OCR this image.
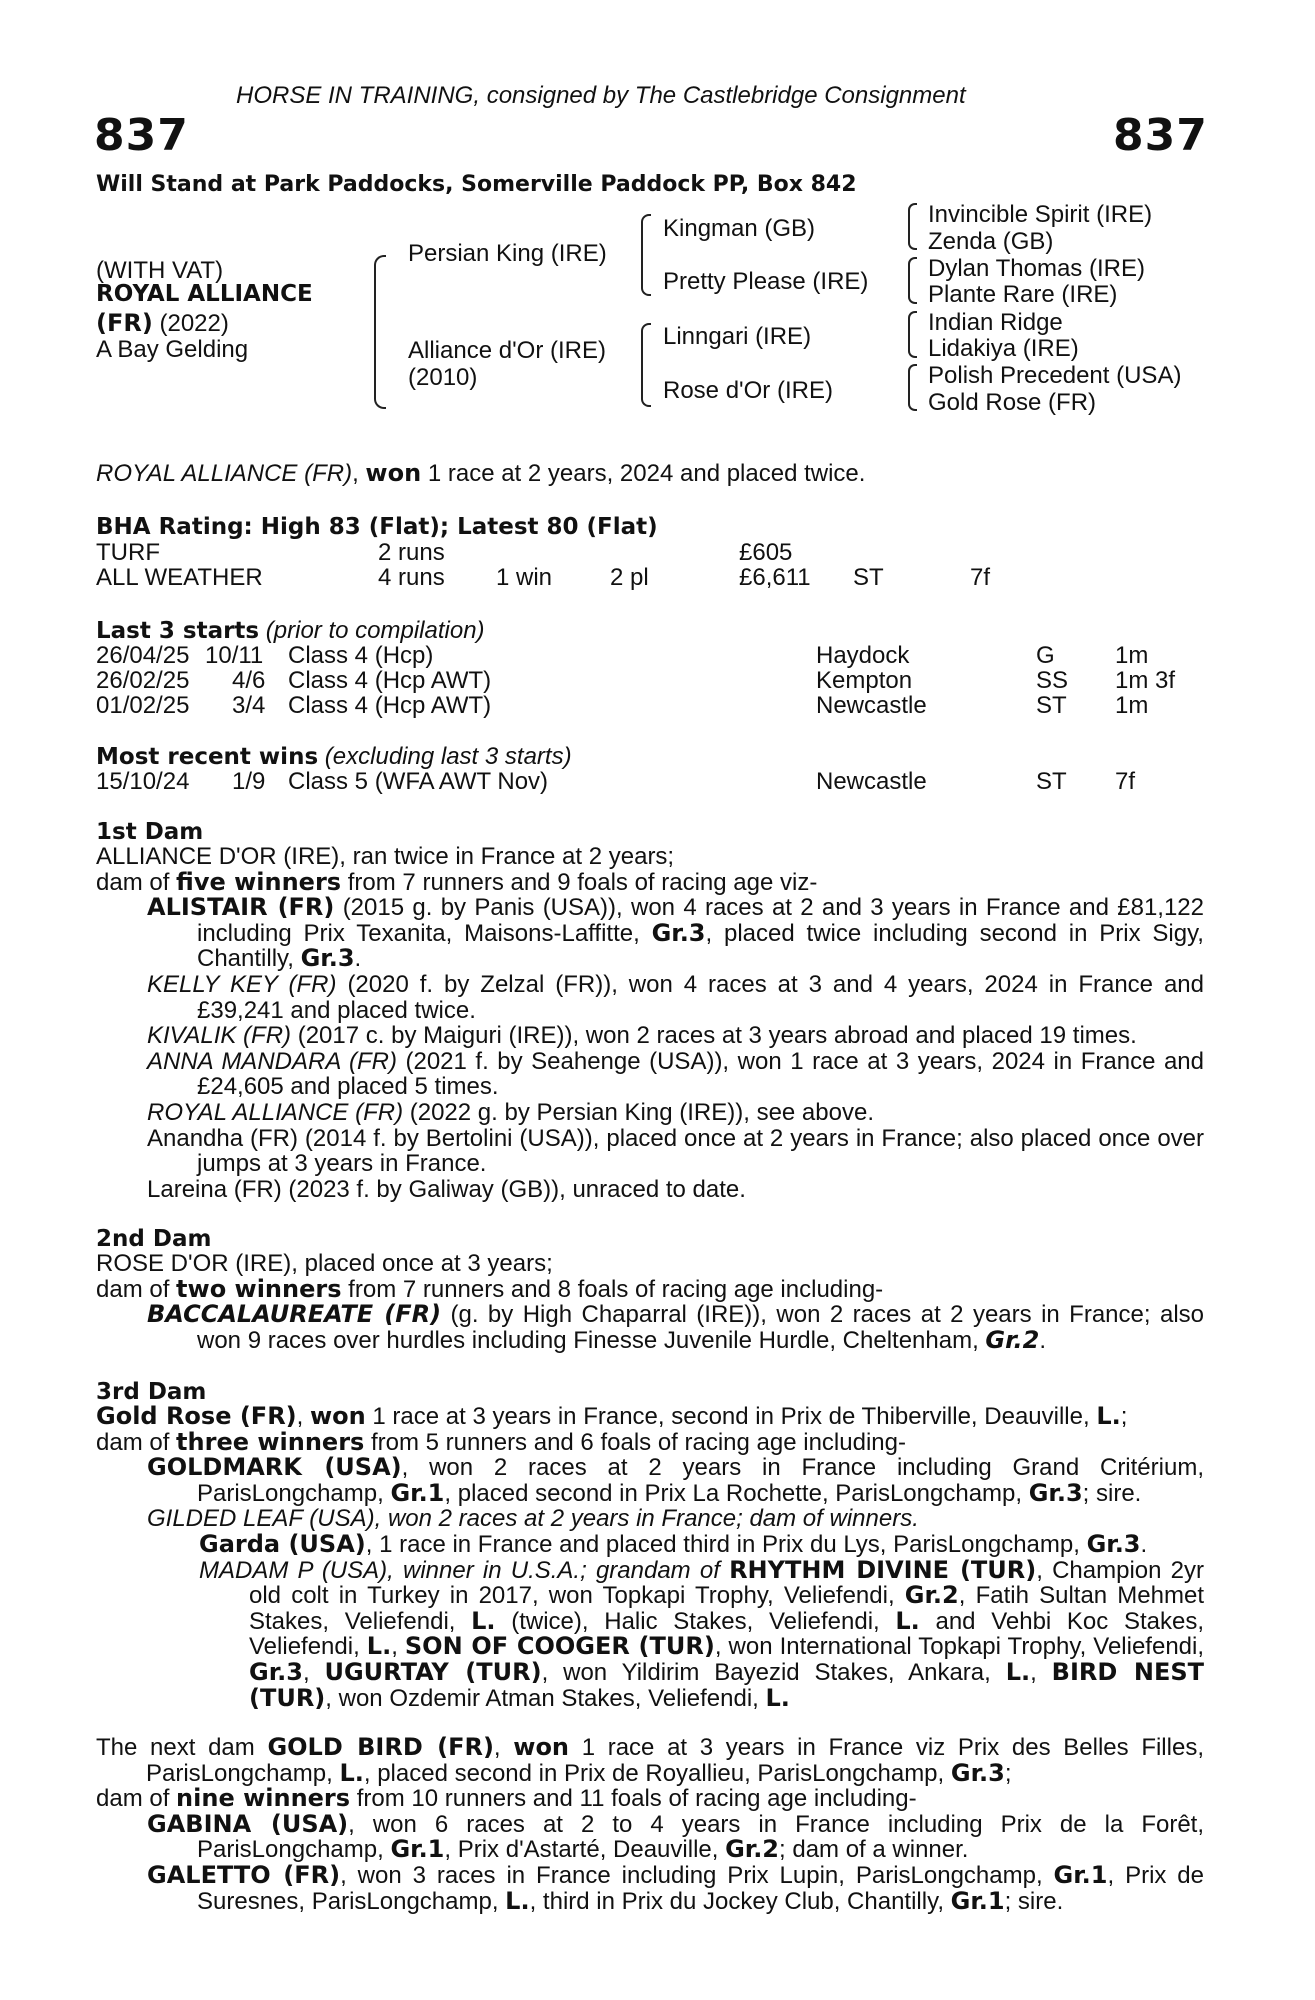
HORSE IN TRAINING, consigned by The Castlebridge Consignment
837	837
Will Stand at Park Paddocks, Somerville Paddock PP, Box 842
(WITH VAT)
ROYAL ALLIANCE
(FR) (2022)
A Bay Gelding
Persian King (IRE)
Alliance d'Or (IRE)
(2010)
Kingman (GB)
Pretty Please (IRE)
Linngari (IRE)
Rose d'Or (IRE)
Invincible Spirit (IRE)
Zenda (GB)
Dylan Thomas (IRE)
Plante Rare (IRE)
Indian Ridge
Lidakiya (IRE)
Polish Precedent (USA)
Gold Rose (FR)
ROYAL ALLIANCE (FR), won 1 race at 2 years, 2024 and placed twice.
BHA Rating: High 83 (Flat); Latest 80 (Flat)
TURF	2 runs	£605
ALL WEATHER	4 runs 1 win 2 pl	£6,611 ST	7f
Last 3 starts (prior to compilation)
26/04/25 10/11 Class 4 (Hcp)	Haydock	G	1m
26/02/25 4/6 Class 4 (Hcp AWT)	Kempton	SS 1m 3f
01/02/25 3/4 Class 4 (Hcp AWT)	Newcastle	ST 1m
Most recent wins (excluding last 3 starts)
15/10/24 1/9 Class 5 (WFA AWT Nov)	Newcastle	ST 7f
1st Dam

ALLIANCE D'OR (IRE), ran twice in France at 2 years;

dam of five winners from 7 runners and 9 foals of racing age viz-

ALISTAIR (FR) (2015 g. by Panis (USA)), won 4 races at 2 and 3 years in France and £81,122 including Prix Texanita, Maisons-Laffitte, Gr.3, placed twice including second in Prix Sigy, Chantilly, Gr.3.

KELLY KEY (FR) (2020 f. by Zelzal (FR)), won 4 races at 3 and 4 years, 2024 in France and £39,241 and placed twice.

KIVALIK (FR) (2017 c. by Maiguri (IRE)), won 2 races at 3 years abroad and placed 19 times.

ANNA MANDARA (FR) (2021 f. by Seahenge (USA)), won 1 race at 3 years, 2024 in France and £24,605 and placed 5 times.

ROYAL ALLIANCE (FR) (2022 g. by Persian King (IRE)), see above.

Anandha (FR) (2014 f. by Bertolini (USA)), placed once at 2 years in France; also placed once over jumps at 3 years in France.

Lareina (FR) (2023 f. by Galiway (GB)), unraced to date.

2nd Dam

ROSE D'OR (IRE), placed once at 3 years;

dam of two winners from 7 runners and 8 foals of racing age including-

BACCALAUREATE (FR) (g. by High Chaparral (IRE)), won 2 races at 2 years in France; also won 9 races over hurdles including Finesse Juvenile Hurdle, Cheltenham, Gr.2.

3rd Dam

Gold Rose (FR), won 1 race at 3 years in France, second in Prix de Thiberville, Deauville, L.;

dam of three winners from 5 runners and 6 foals of racing age including-

GOLDMARK (USA), won 2 races at 2 years in France including Grand Critérium, ParisLongchamp, Gr.1, placed second in Prix La Rochette, ParisLongchamp, Gr.3; sire.

GILDED LEAF (USA), won 2 races at 2 years in France; dam of winners.

Garda (USA), 1 race in France and placed third in Prix du Lys, ParisLongchamp, Gr.3.

MADAM P (USA), winner in U.S.A.; grandam of RHYTHM DIVINE (TUR), Champion 2yr old colt in Turkey in 2017, won Topkapi Trophy, Veliefendi, Gr.2, Fatih Sultan Mehmet Stakes, Veliefendi, L. (twice), Halic Stakes, Veliefendi, L. and Vehbi Koc Stakes, Veliefendi, L., SON OF COOGER (TUR), won International Topkapi Trophy, Veliefendi, Gr.3, UGURTAY (TUR), won Yildirim Bayezid Stakes, Ankara, L., BIRD NEST (TUR), won Ozdemir Atman Stakes, Veliefendi, L.

The next dam GOLD BIRD (FR), won 1 race at 3 years in France viz Prix des Belles Filles, ParisLongchamp, L., placed second in Prix de Royallieu, ParisLongchamp, Gr.3;

dam of nine winners from 10 runners and 11 foals of racing age including-

GABINA (USA), won 6 races at 2 to 4 years in France including Prix de la Forêt, ParisLongchamp, Gr.1, Prix d'Astarté, Deauville, Gr.2; dam of a winner.

GALETTO (FR), won 3 races in France including Prix Lupin, ParisLongchamp, Gr.1, Prix de Suresnes, ParisLongchamp, L., third in Prix du Jockey Club, Chantilly, Gr.1; sire.
